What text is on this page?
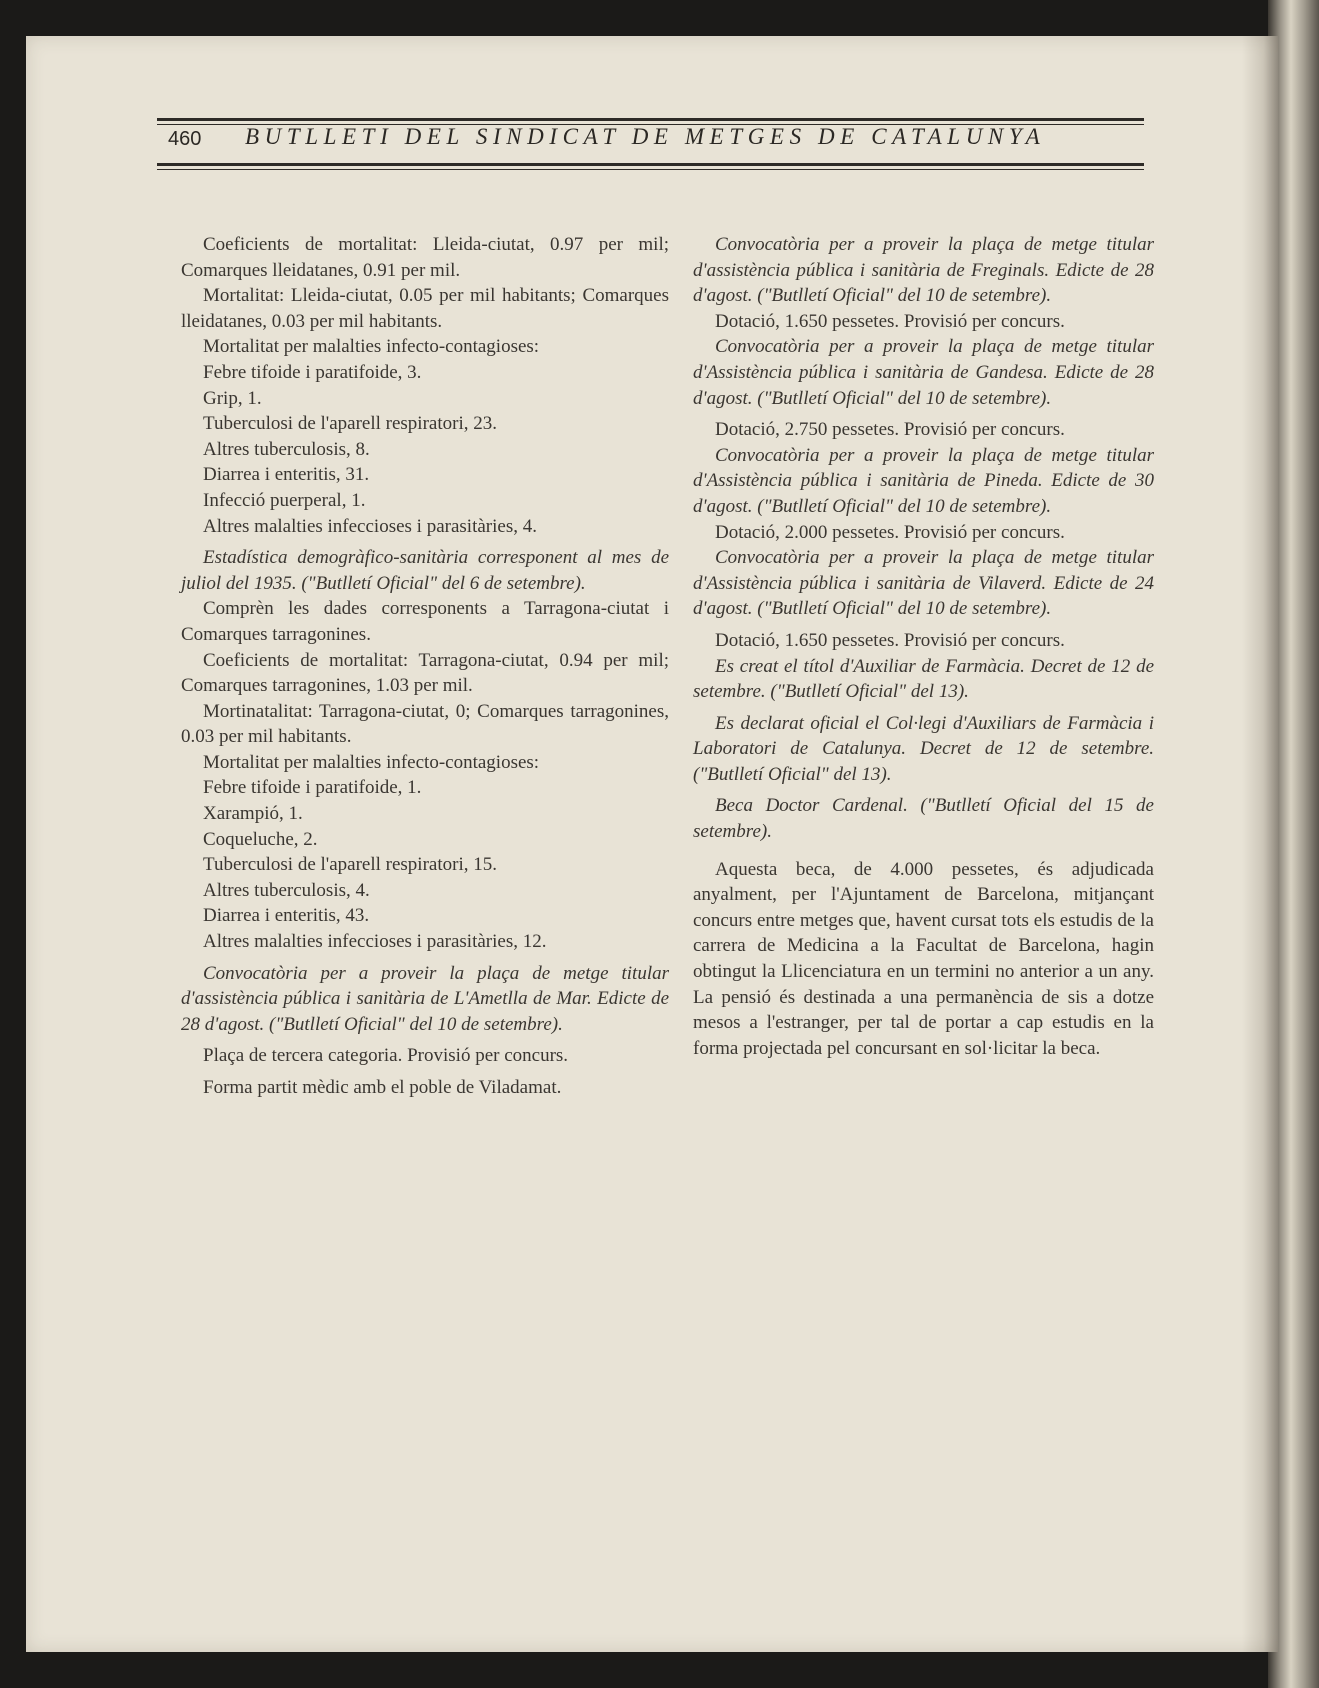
460 BUTLLETI DEL SINDICAT DE METGES DE CATALUNYA

Coeficients de mortalitat: Lleida-ciutat, 0.97 per mil; Comarques lleidatanes, 0.91 per mil.

Mortalitat: Lleida-ciutat, 0.05 per mil habitants; Comarques lleidatanes, 0.03 per mil habitants.

Mortalitat per malalties infecto-contagioses:

Febre tifoide i paratifoide, 3.

Grip, 1.

Tuberculosi de l'aparell respiratori, 23.

Altres tuberculosis, 8.

Diarrea i enteritis, 31.

Infecció puerperal, 1.

Altres malalties infeccioses i parasitàries, 4.

Estadística demogràfico-sanitària corresponent al mes de juliol del 1935. ("Butlletí Oficial" del 6 de setembre).

Comprèn les dades corresponents a Tarragona-ciutat i Comarques tarragonines.

Coeficients de mortalitat: Tarragona-ciutat, 0.94 per mil; Comarques tarragonines, 1.03 per mil.

Mortinatalitat: Tarragona-ciutat, 0; Comarques tarragonines, 0.03 per mil habitants.

Mortalitat per malalties infecto-contagioses:

Febre tifoide i paratifoide, 1.

Xarampió, 1.

Coqueluche, 2.

Tuberculosi de l'aparell respiratori, 15.

Altres tuberculosis, 4.

Diarrea i enteritis, 43.

Altres malalties infeccioses i parasitàries, 12.

Convocatòria per a proveir la plaça de metge titular d'assistència pública i sanitària de L'Ametlla de Mar. Edicte de 28 d'agost. ("Butlletí Oficial" del 10 de setembre).

Plaça de tercera categoria. Provisió per concurs.

Forma partit mèdic amb el poble de Viladamat.

Convocatòria per a proveir la plaça de metge titular d'assistència pública i sanitària de Freginals. Edicte de 28 d'agost. ("Butlletí Oficial" del 10 de setembre).

Dotació, 1.650 pessetes. Provisió per concurs.

Convocatòria per a proveir la plaça de metge titular d'Assistència pública i sanitària de Gandesa. Edicte de 28 d'agost. ("Butlletí Oficial" del 10 de setembre).

Dotació, 2.750 pessetes. Provisió per concurs.

Convocatòria per a proveir la plaça de metge titular d'Assistència pública i sanitària de Pineda. Edicte de 30 d'agost. ("Butlletí Oficial" del 10 de setembre).

Dotació, 2.000 pessetes. Provisió per concurs.

Convocatòria per a proveir la plaça de metge titular d'Assistència pública i sanitària de Vilaverd. Edicte de 24 d'agost. ("Butlletí Oficial" del 10 de setembre).

Dotació, 1.650 pessetes. Provisió per concurs.

Es creat el títol d'Auxiliar de Farmàcia. Decret de 12 de setembre. ("Butlletí Oficial" del 13).

Es declarat oficial el Col·legi d'Auxiliars de Farmàcia i Laboratori de Catalunya. Decret de 12 de setembre. ("Butlletí Oficial" del 13).

Beca Doctor Cardenal. ("Butlletí Oficial del 15 de setembre).

Aquesta beca, de 4.000 pessetes, és adjudicada anyalment, per l'Ajuntament de Barcelona, mitjançant concurs entre metges que, havent cursat tots els estudis de la carrera de Medicina a la Facultat de Barcelona, hagin obtingut la Llicenciatura en un termini no anterior a un any. La pensió és destinada a una permanència de sis a dotze mesos a l'estranger, per tal de portar a cap estudis en la forma projectada pel concursant en sol·licitar la beca.
